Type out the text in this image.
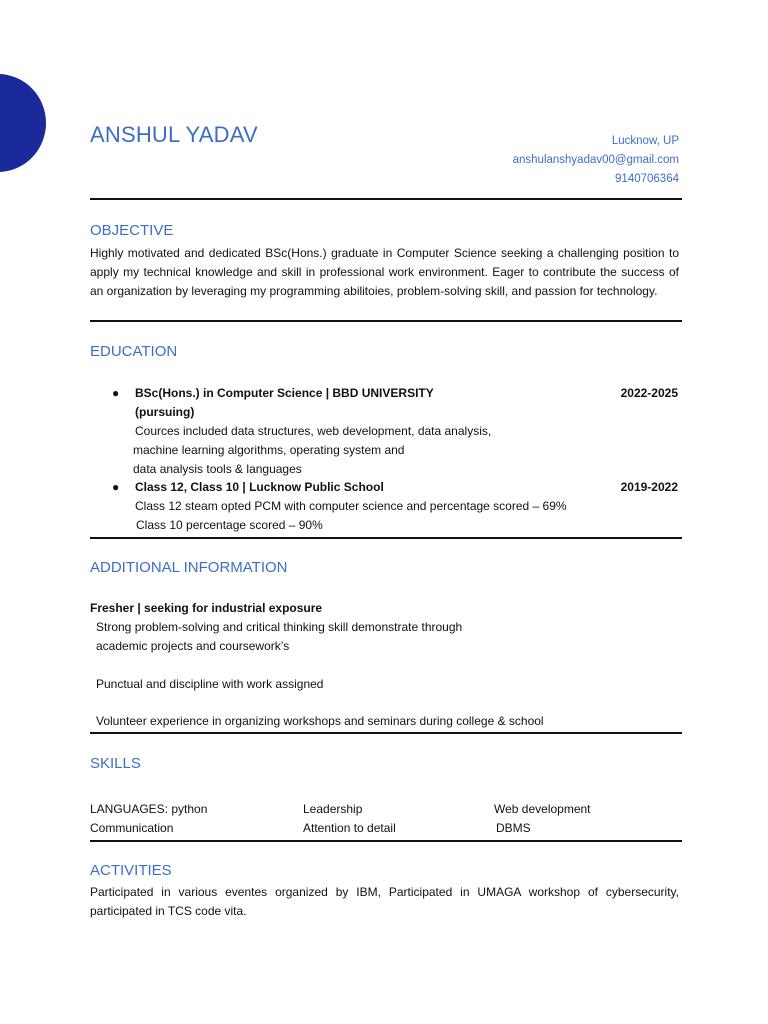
ANSHUL YADAV	Lucknow, UP
anshulanshyadav00@gmail.com
9140706364
OBJECTIVE

Highly motivated and dedicated BSc(Hons.) graduate in Computer Science seeking a challenging position to apply my technical knowledge and skill in professional work environment. Eager to contribute the success of an organization by leveraging my programming abilitoies, problem-solving skill, and passion for technology.

EDUCATION
● BSc(Hons.) in Computer Science | BBD UNIVERSITY	2022-2025
(pursuing)
Cources included data structures, web development, data analysis,
machine learning algorithms, operating system and
data analysis tools & languages
● Class 12, Class 10 | Lucknow Public School	2019-2022
Class 12 steam opted PCM with computer science and percentage scored – 69%
Class 10 percentage scored – 90%
ADDITIONAL INFORMATION
Fresher | seeking for industrial exposure
Strong problem-solving and critical thinking skill demonstrate through
academic projects and coursework’s
Punctual and discipline with work assigned
Volunteer experience in organizing workshops and seminars during college & school
SKILLS
LANGUAGES: python	Leadership	Web development
Communication	Attention to detail	DBMS
ACTIVITIES

Participated in various eventes organized by IBM, Participated in UMAGA workshop of cybersecurity, participated in TCS code vita.
